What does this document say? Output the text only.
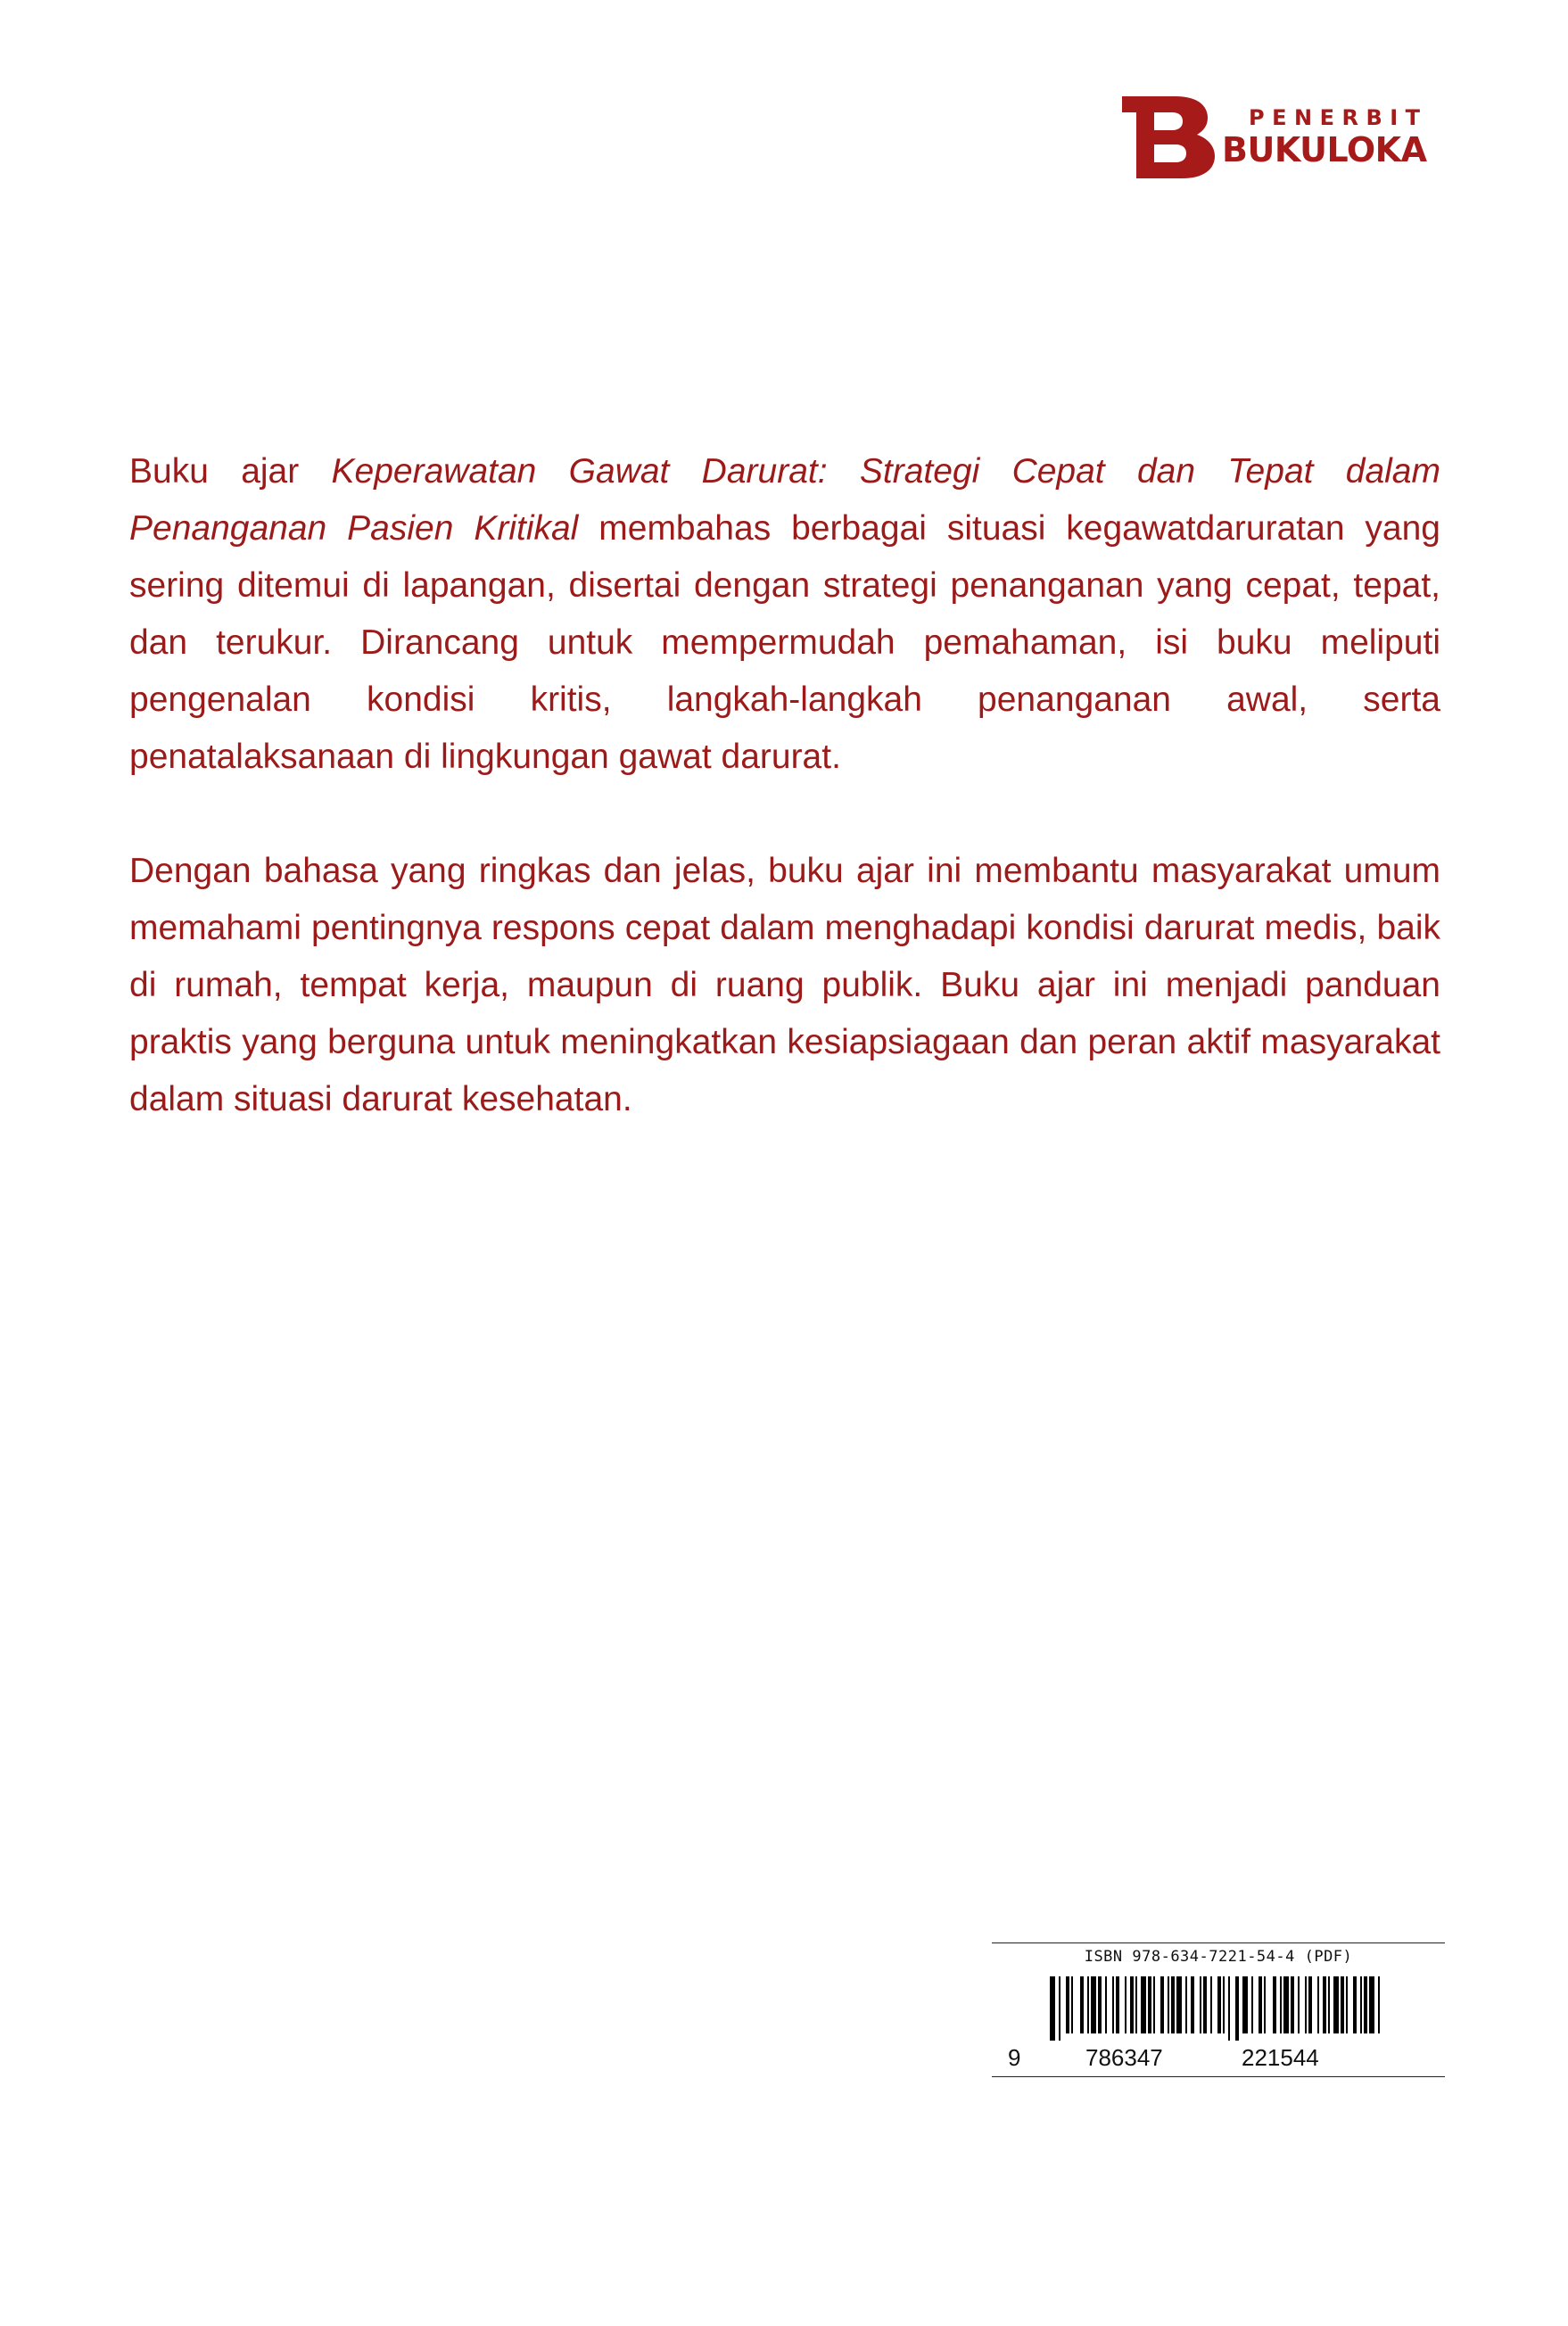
PENERBIT
BUKULOKA

Buku ajar Keperawatan Gawat Darurat: Strategi Cepat dan Tepat dalam Penanganan Pasien Kritikal membahas berbagai situasi kegawatdaruratan yang sering ditemui di lapangan, disertai dengan strategi penanganan yang cepat, tepat, dan terukur. Dirancang untuk mempermudah pemahaman, isi buku meliputi pengenalan kondisi kritis, langkah-langkah penanganan awal, serta penatalaksanaan di lingkungan gawat darurat.

Dengan bahasa yang ringkas dan jelas, buku ajar ini membantu masyarakat umum memahami pentingnya respons cepat dalam menghadapi kondisi darurat medis, baik di rumah, tempat kerja, maupun di ruang publik. Buku ajar ini menjadi panduan praktis yang berguna untuk meningkatkan kesiapsiagaan dan peran aktif masyarakat dalam situasi darurat kesehatan.

ISBN 978-634-7221-54-4 (PDF)
9	786347	221544
